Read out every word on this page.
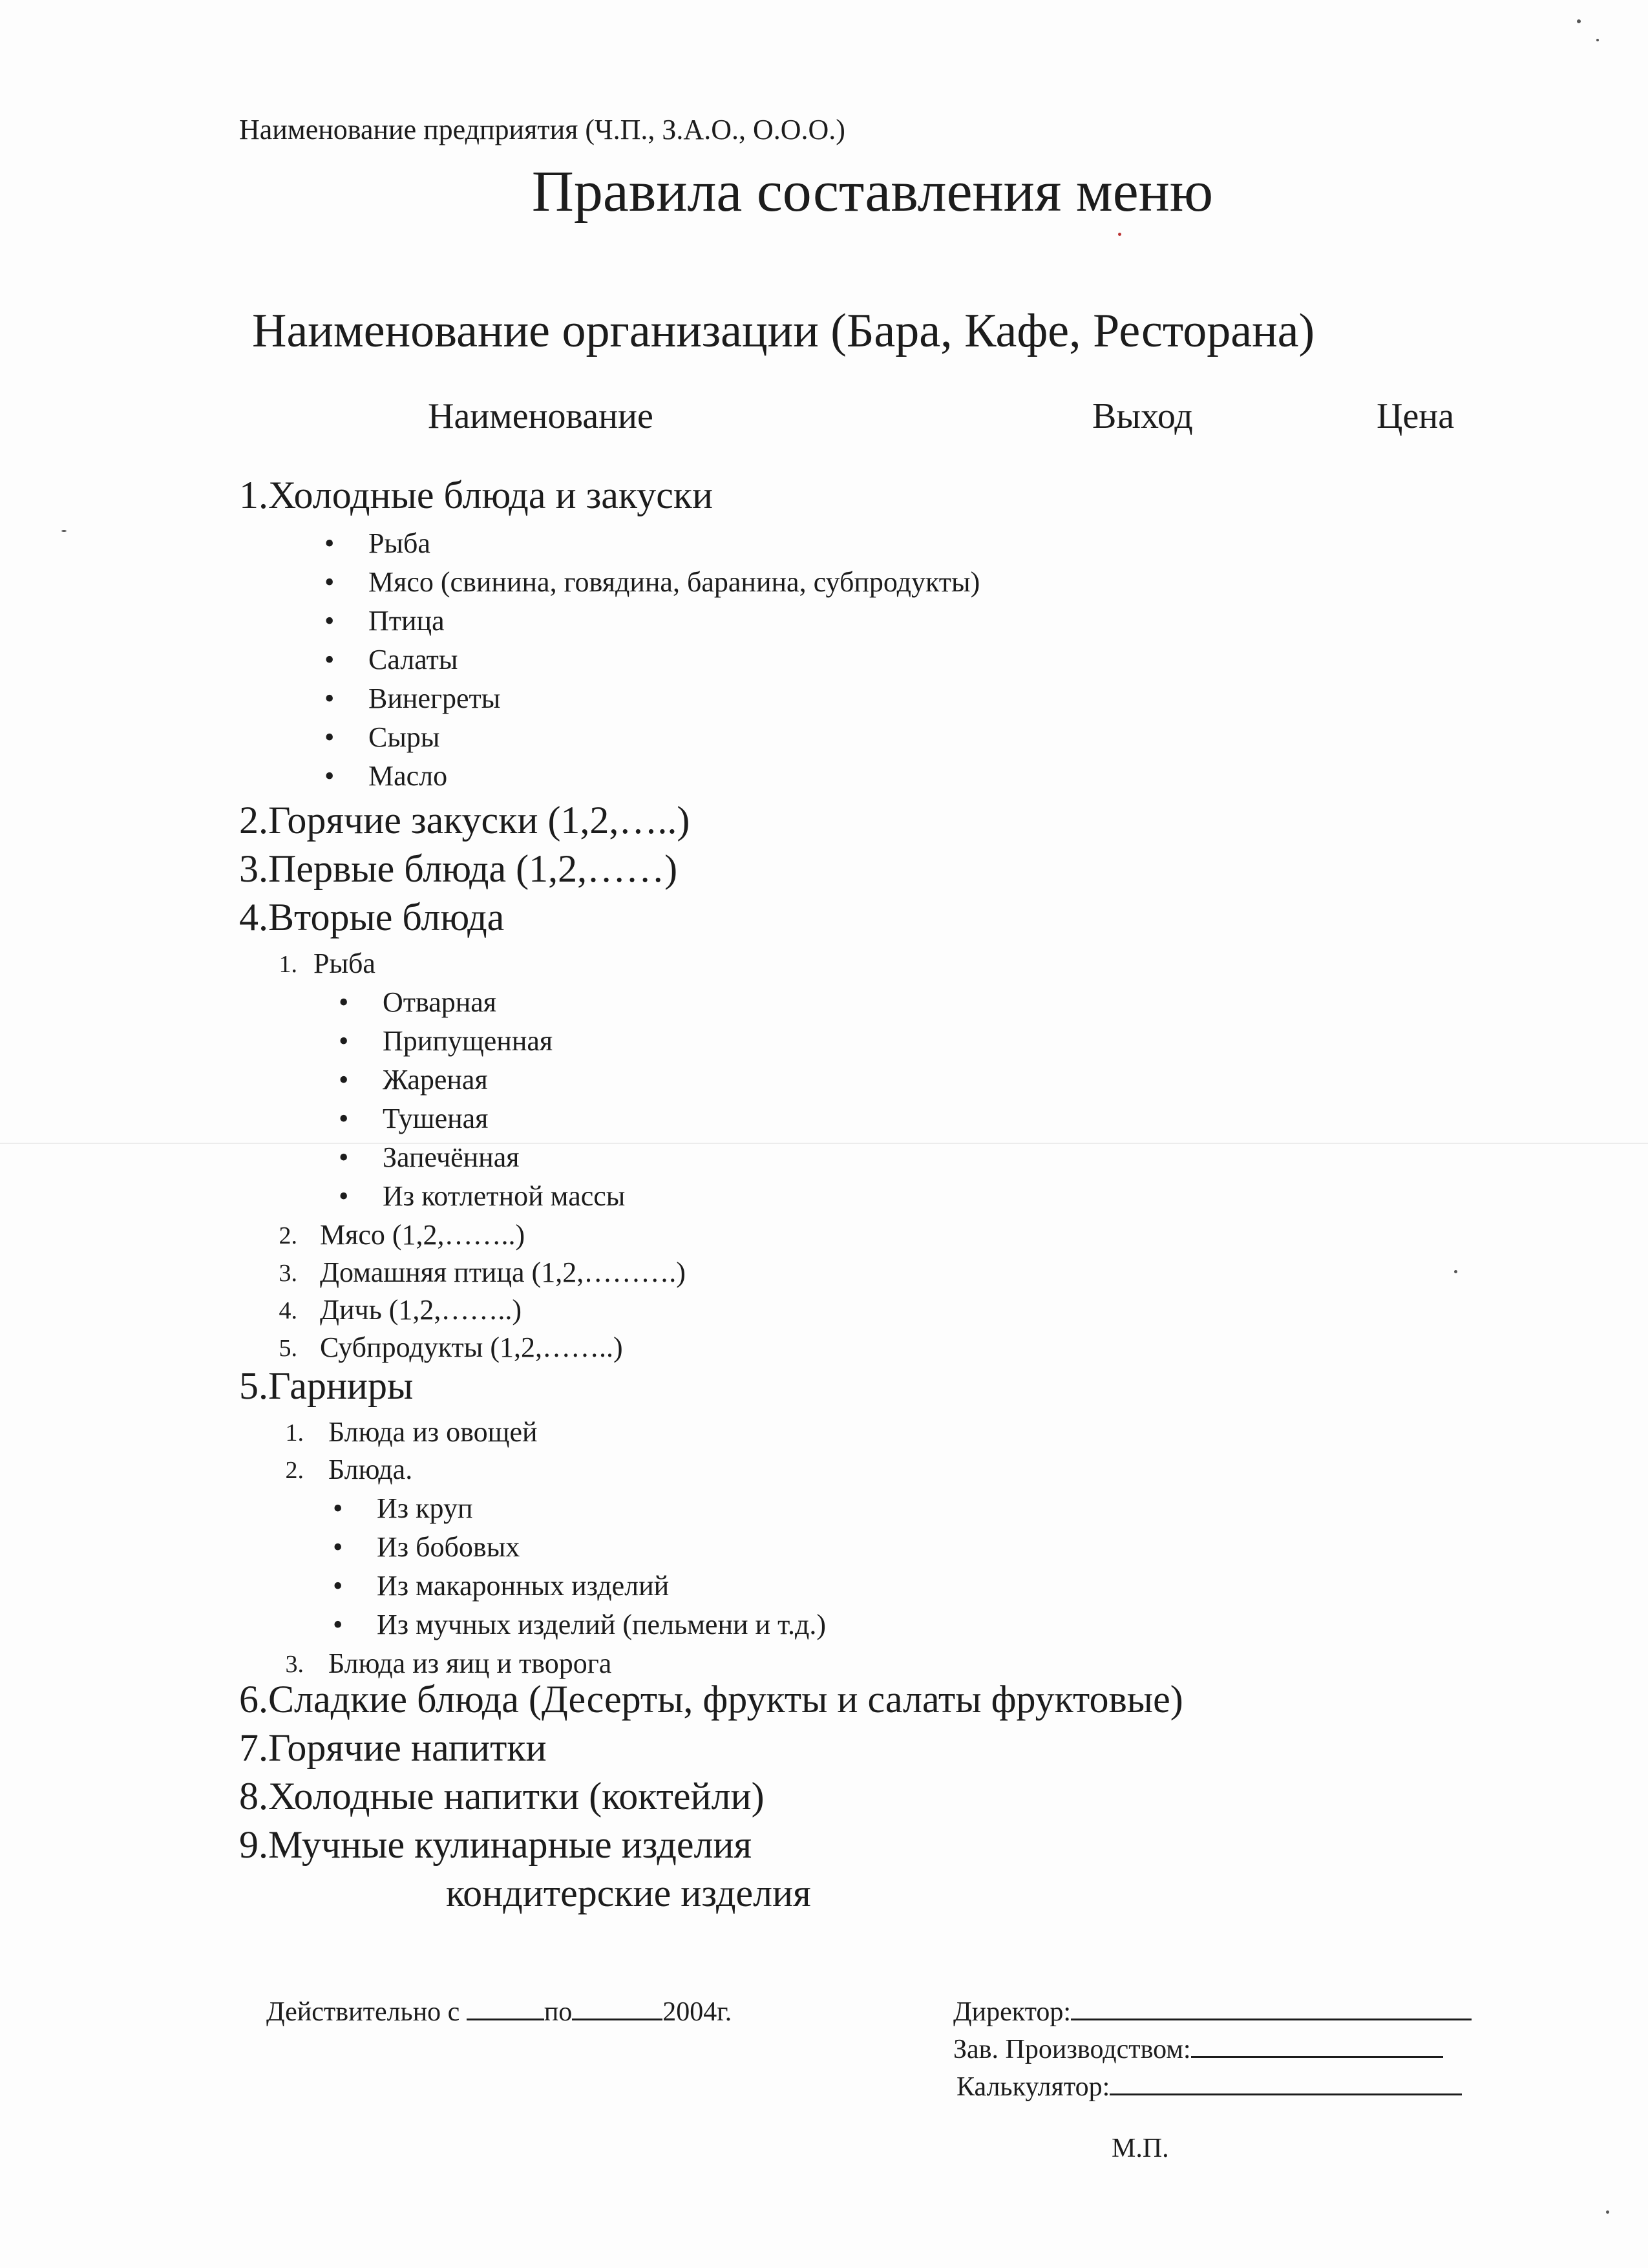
Наименование предприятия (Ч.П., З.А.О., О.О.О.)
Правила составления меню
Наименование организации (Бара, Кафе, Ресторана)
Наименование	Выход	Цена
1.Холодные блюда и закуски
• Рыба
• Мясо (свинина, говядина, баранина, субпродукты)
• Птица
• Салаты
• Винегреты
• Сыры
• Масло
2.Горячие закуски (1,2,…..)
3.Первые блюда (1,2,……)
4.Вторые блюда
1. Рыба
• Отварная
• Припущенная
• Жареная
• Тушеная
• Запечённая
• Из котлетной массы
2. Мясо (1,2,……..)
3. Домашняя птица (1,2,……….)
4. Дичь (1,2,……..)
5. Субпродукты (1,2,……..)
5.Гарниры
1. Блюда из овощей
2. Блюда.
• Из круп
• Из бобовых
• Из макаронных изделий
• Из мучных изделий (пельмени и т.д.)
3. Блюда из яиц и творога
6.Сладкие блюда (Десерты, фрукты и салаты фруктовые)
7.Горячие напитки
8.Холодные напитки (коктейли)
9.Мучные кулинарные изделия
кондитерские изделия
Действительно с	по	2004г.	Директор:
Зав. Производством:
Калькулятор:
М.П.
